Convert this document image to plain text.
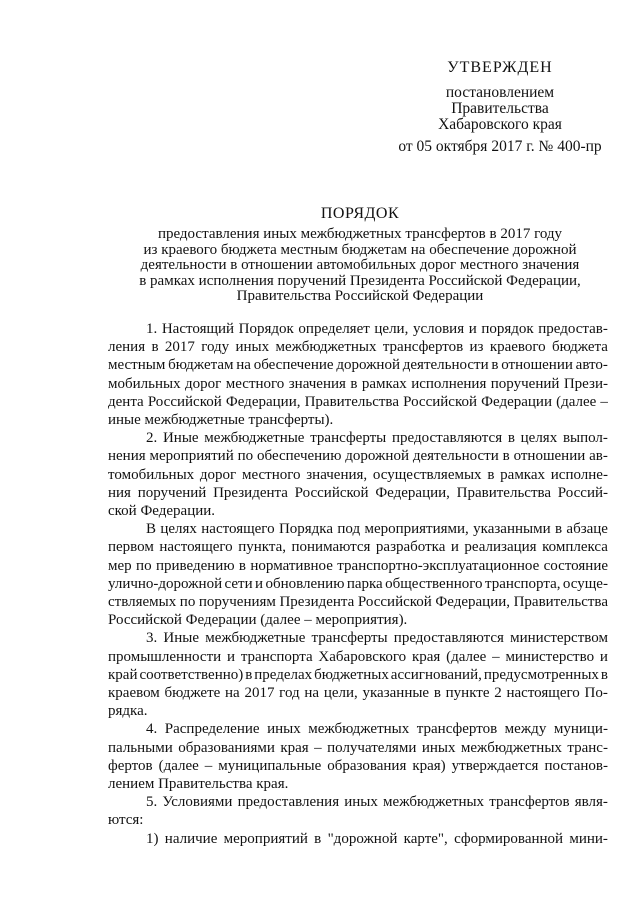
УТВЕРЖДЕН
постановлением
Правительства
Хабаровского края
от 05 октября 2017 г. № 400-пр
ПОРЯДОК
предоставления иных межбюджетных трансфертов в 2017 году
из краевого бюджета местным бюджетам на обеспечение дорожной
деятельности в отношении автомобильных дорог местного значения
в рамках исполнения поручений Президента Российской Федерации,
Правительства Российской Федерации
1. Настоящий Порядок определяет цели, условия и порядок предостав-
ления в 2017 году иных межбюджетных трансфертов из краевого бюджета
местным бюджетам на обеспечение дорожной деятельности в отношении авто-
мобильных дорог местного значения в рамках исполнения поручений Прези-
дента Российской Федерации, Правительства Российской Федерации (далее –
иные межбюджетные трансферты).
2. Иные межбюджетные трансферты предоставляются в целях выпол-
нения мероприятий по обеспечению дорожной деятельности в отношении ав-
томобильных дорог местного значения, осуществляемых в рамках исполне-
ния поручений Президента Российской Федерации, Правительства Россий-
ской Федерации.
В целях настоящего Порядка под мероприятиями, указанными в абзаце
первом настоящего пункта, понимаются разработка и реализация комплекса
мер по приведению в нормативное транспортно-эксплуатационное состояние
улично-дорожной сети и обновлению парка общественного транспорта, осуще-
ствляемых по поручениям Президента Российской Федерации, Правительства
Российской Федерации (далее – мероприятия).
3. Иные межбюджетные трансферты предоставляются министерством
промышленности и транспорта Хабаровского края (далее – министерство и
край соответственно) в пределах бюджетных ассигнований, предусмотренных в
краевом бюджете на 2017 год на цели, указанные в пункте 2 настоящего По-
рядка.
4. Распределение иных межбюджетных трансфертов между муници-
пальными образованиями края – получателями иных межбюджетных транс-
фертов (далее – муниципальные образования края) утверждается постанов-
лением Правительства края.
5. Условиями предоставления иных межбюджетных трансфертов явля-
ются:
1) наличие мероприятий в "дорожной карте", сформированной мини-
